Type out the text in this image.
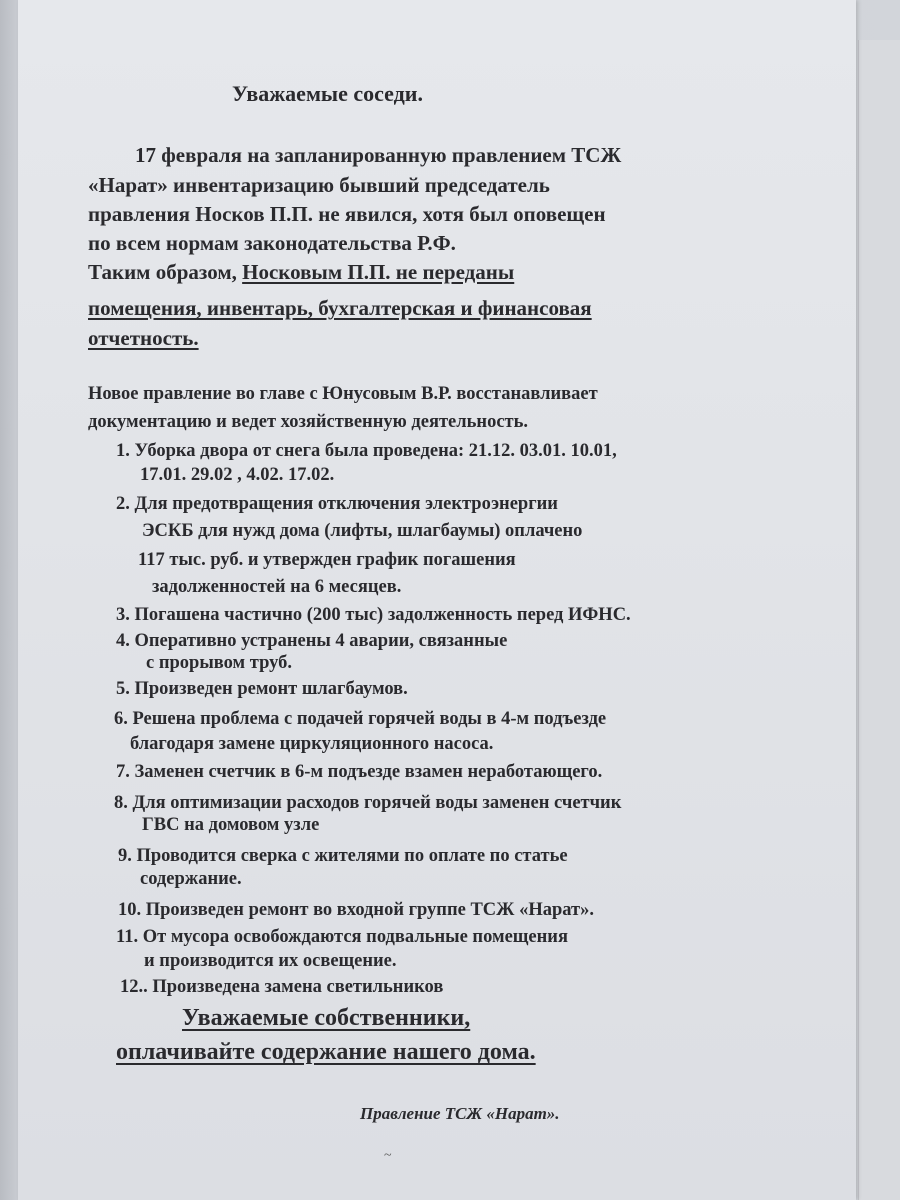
Уважаемые соседи.
17 февраля на запланированную правлением ТСЖ
«Нарат» инвентаризацию бывший председатель
правления Носков П.П. не явился, хотя был оповещен
по всем нормам законодательства Р.Ф.
Таким образом, Носковым П.П. не переданы
помещения, инвентарь, бухгалтерская и финансовая
отчетность.
Новое правление во главе с Юнусовым В.Р. восстанавливает
документацию и ведет хозяйственную деятельность.
1. Уборка двора от снега была проведена: 21.12. 03.01. 10.01,
17.01. 29.02 , 4.02. 17.02.
2. Для предотвращения отключения электроэнергии
ЭСКБ для нужд дома (лифты, шлагбаумы) оплачено
117 тыс. руб. и утвержден график погашения
задолженностей на 6 месяцев.
3. Погашена частично (200 тыс) задолженность перед ИФНС.
4. Оперативно устранены 4 аварии, связанные
с прорывом труб.
5. Произведен ремонт шлагбаумов.
6. Решена проблема с подачей горячей воды в 4-м подъезде
благодаря замене циркуляционного насоса.
7. Заменен счетчик в 6-м подъезде взамен неработающего.
8. Для оптимизации расходов горячей воды заменен счетчик
ГВС на домовом узле
9. Проводится сверка с жителями по оплате по статье
содержание.
10. Произведен ремонт во входной группе ТСЖ «Нарат».
11. От мусора освобождаются подвальные помещения
и производится их освещение.
12.. Произведена замена светильников
Уважаемые собственники,
оплачивайте содержание нашего дома.
Правление ТСЖ «Нарат».
~
